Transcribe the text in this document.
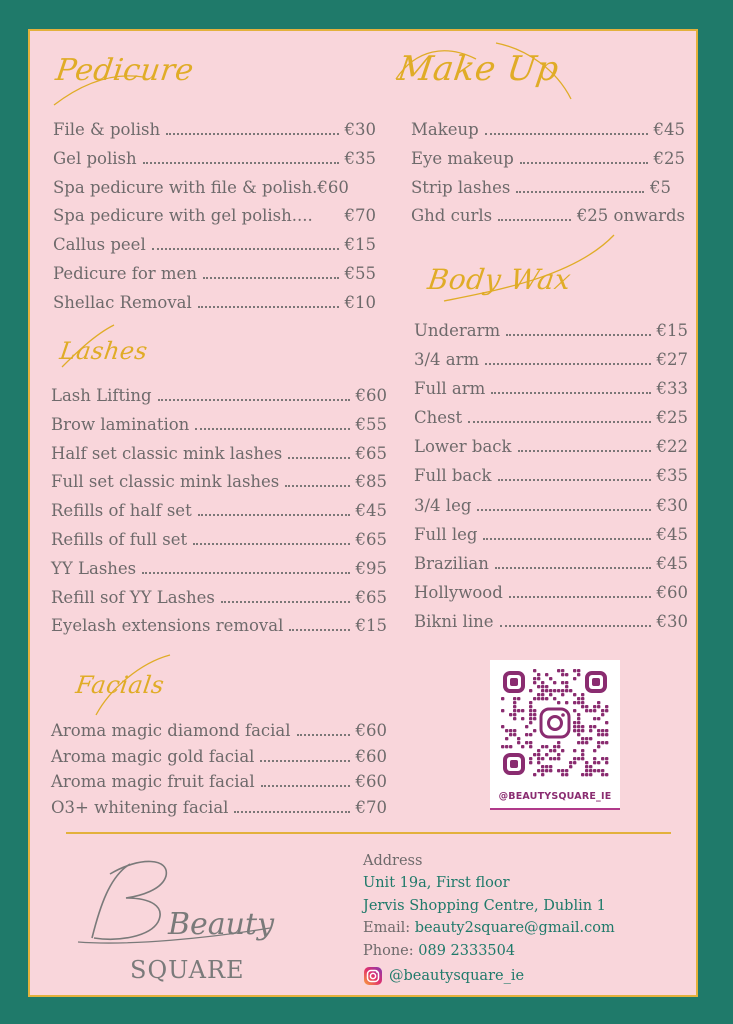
Pedicure
File & polish	€30
Gel polish	€35
Spa pedicure with file & polish. €60
Spa pedicure with gel polish.... €70
Callus peel	€15
Pedicure for men	€55
Shellac Removal	€10
Lashes
Lash Lifting	€60
Brow lamination	€55
Half set classic mink lashes	€65
Full set classic mink lashes	€85
Refills of half set	€45
Refills of full set	€65
YY Lashes	€95
Refill sof YY Lashes	€65
Eyelash extensions removal	€15
Facials
Aroma magic diamond facial	€60
Aroma magic gold facial	€60
Aroma magic fruit facial	€60
O3+ whitening facial	€70
Make Up
Makeup	€45
Eye makeup	€25
Strip lashes	€5
Ghd curls	€25 onwards
Body Wax
Underarm	€15
3/4 arm	€27
Full arm	€33
Chest	€25
Lower back	€22
Full back	€35
3/4 leg	€30
Full leg	€45
Brazilian	€45
Hollywood	€60
Bikni line	€30
@BEAUTYSQUARE_IE
Beauty
SQUARE
Address
Unit 19a, First floor
Jervis Shopping Centre, Dublin 1
Email: beauty2square@gmail.com
Phone: 089 2333504
@beautysquare_ie
